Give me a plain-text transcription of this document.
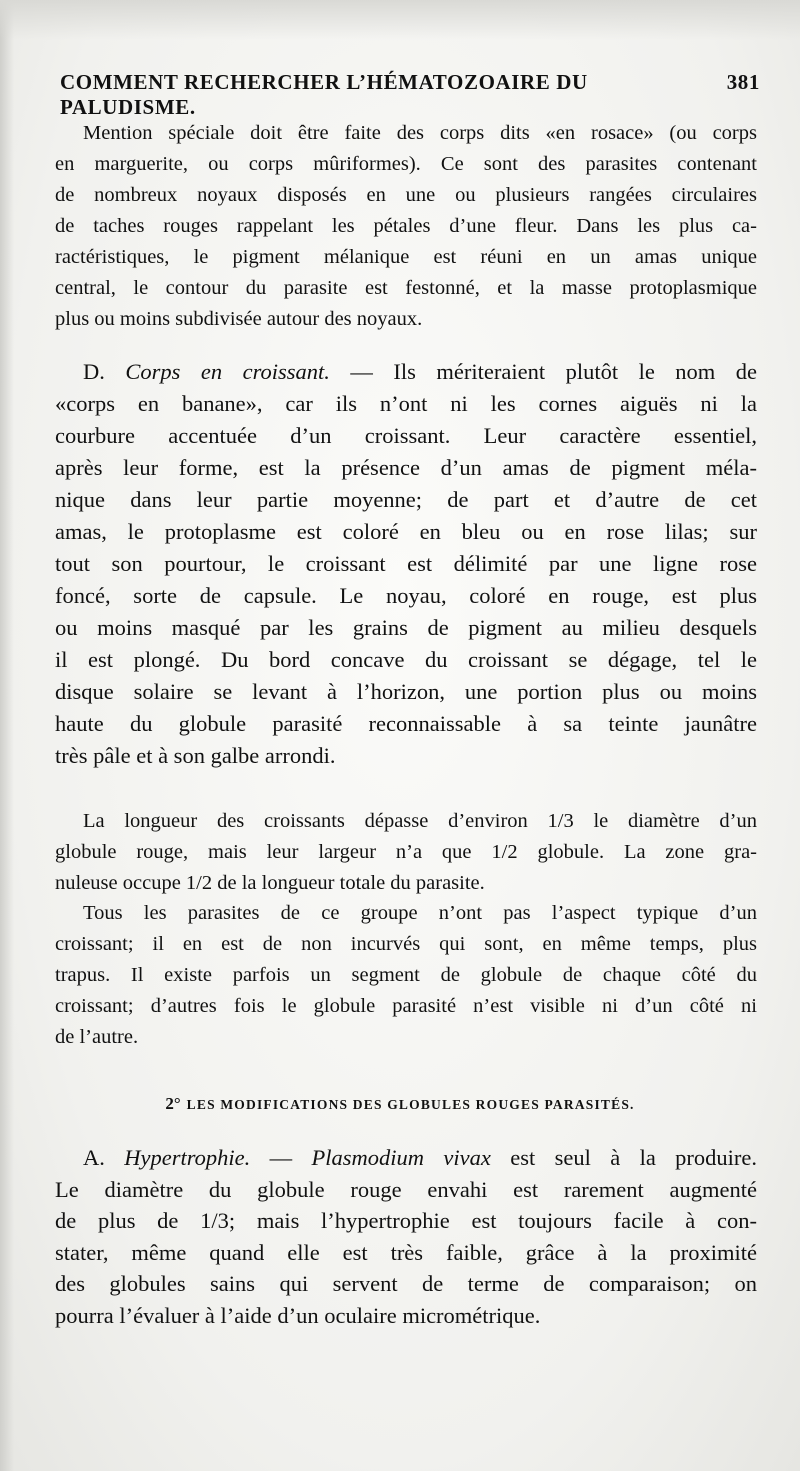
COMMENT RECHERCHER L’HÉMATOZOAIRE DU PALUDISME.
381
Mention spéciale doit être faite des corps dits «en rosace» (ou corps
en marguerite, ou corps mûriformes). Ce sont des parasites contenant
de nombreux noyaux disposés en une ou plusieurs rangées circulaires
de taches rouges rappelant les pétales d’une fleur. Dans les plus ca-
ractéristiques, le pigment mélanique est réuni en un amas unique
central, le contour du parasite est festonné, et la masse protoplasmique
plus ou moins subdivisée autour des noyaux.
D. Corps en croissant. — Ils mériteraient plutôt le nom de
«corps en banane», car ils n’ont ni les cornes aiguës ni la
courbure accentuée d’un croissant. Leur caractère essentiel,
après leur forme, est la présence d’un amas de pigment méla-
nique dans leur partie moyenne; de part et d’autre de cet
amas, le protoplasme est coloré en bleu ou en rose lilas; sur
tout son pourtour, le croissant est délimité par une ligne rose
foncé, sorte de capsule. Le noyau, coloré en rouge, est plus
ou moins masqué par les grains de pigment au milieu desquels
il est plongé. Du bord concave du croissant se dégage, tel le
disque solaire se levant à l’horizon, une portion plus ou moins
haute du globule parasité reconnaissable à sa teinte jaunâtre
très pâle et à son galbe arrondi.
La longueur des croissants dépasse d’environ 1/3 le diamètre d’un
globule rouge, mais leur largeur n’a que 1/2 globule. La zone gra-
nuleuse occupe 1/2 de la longueur totale du parasite.
Tous les parasites de ce groupe n’ont pas l’aspect typique d’un
croissant; il en est de non incurvés qui sont, en même temps, plus
trapus. Il existe parfois un segment de globule de chaque côté du
croissant; d’autres fois le globule parasité n’est visible ni d’un côté ni
de l’autre.
2° LES MODIFICATIONS DES GLOBULES ROUGES PARASITÉS.
A. Hypertrophie. — Plasmodium vivax est seul à la produire.
Le diamètre du globule rouge envahi est rarement augmenté
de plus de 1/3; mais l’hypertrophie est toujours facile à con-
stater, même quand elle est très faible, grâce à la proximité
des globules sains qui servent de terme de comparaison; on
pourra l’évaluer à l’aide d’un oculaire micrométrique.
